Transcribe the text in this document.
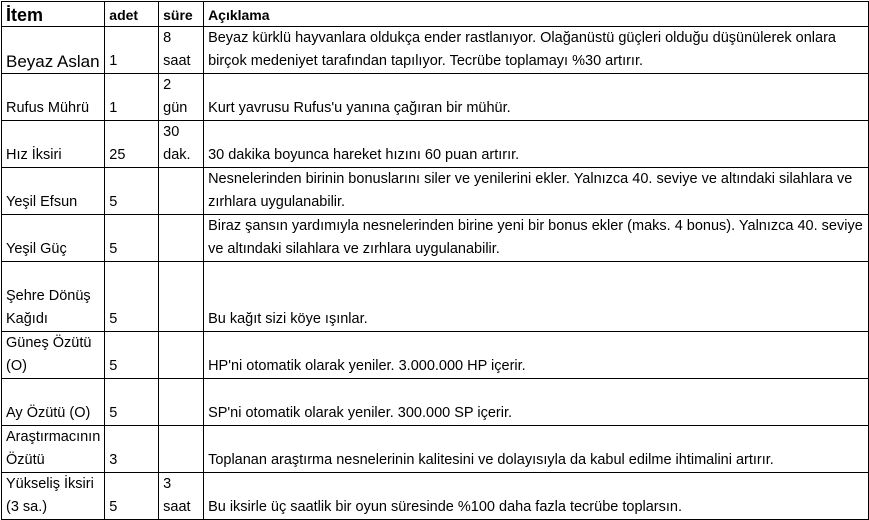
İtem	adet	süre	Açıklama
Beyaz Aslan	1	8 saat	Beyaz kürklü hayvanlara oldukça ender rastlanıyor. Olağanüstü güçleri olduğu düşünülerek onlara birçok medeniyet tarafından tapılıyor. Tecrübe toplamayı %30 artırır.
Rufus Mührü	1	2 gün	Kurt yavrusu Rufus'u yanına çağıran bir mühür.
Hız İksiri	25	30 dak.	30 dakika boyunca hareket hızını 60 puan artırır.
Yeşil Efsun	5		Nesnelerinden birinin bonuslarını siler ve yenilerini ekler. Yalnızca 40. seviye ve altındaki silahlara ve zırhlara uygulanabilir.
Yeşil Güç	5		Biraz şansın yardımıyla nesnelerinden birine yeni bir bonus ekler (maks. 4 bonus). Yalnızca 40. seviye ve altındaki silahlara ve zırhlara uygulanabilir.
Şehre Dönüş Kağıdı	5		Bu kağıt sizi köye ışınlar.
Güneş Özütü (O)	5		HP'ni otomatik olarak yeniler. 3.000.000 HP içerir.
Ay Özütü (O)	5		SP'ni otomatik olarak yeniler. 300.000 SP içerir.
Araştırmacının Özütü	3		Toplanan araştırma nesnelerinin kalitesini ve dolayısıyla da kabul edilme ihtimalini artırır.
Yükseliş İksiri (3 sa.)	5	3 saat	Bu iksirle üç saatlik bir oyun süresinde %100 daha fazla tecrübe toplarsın.
